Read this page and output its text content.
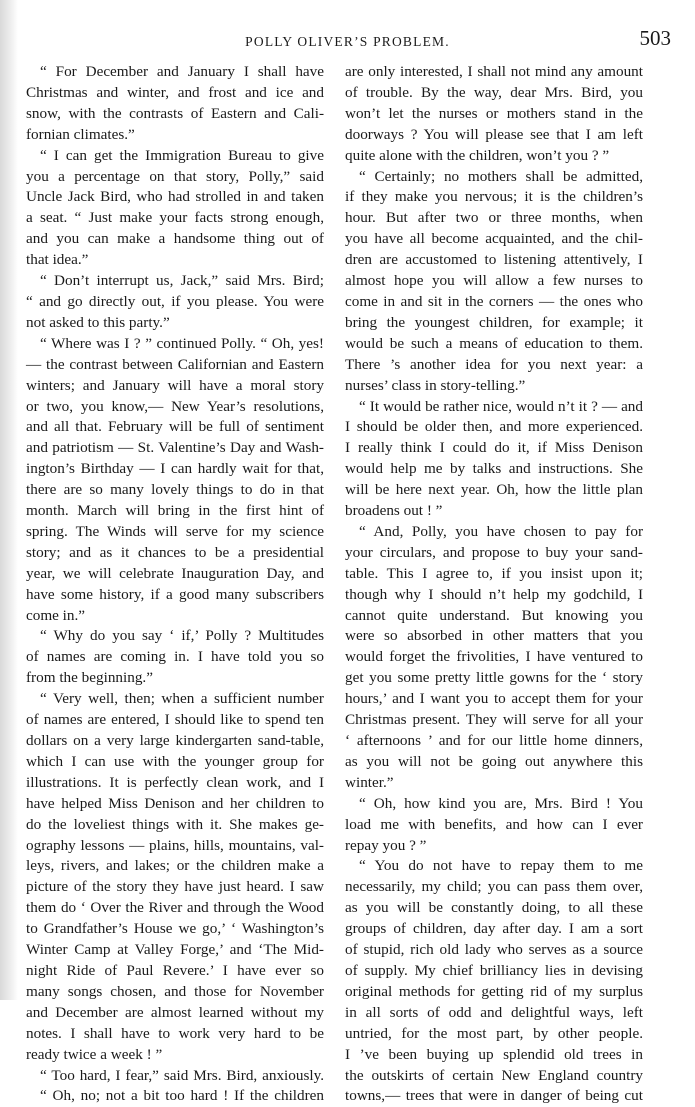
POLLY OLIVER’S PROBLEM.	503
“ For December and January I shall have
Christmas and winter, and frost and ice and
snow, with the contrasts of Eastern and Cali-
fornian climates.”
“ I can get the Immigration Bureau to give
you a percentage on that story, Polly,” said
Uncle Jack Bird, who had strolled in and taken
a seat. “ Just make your facts strong enough,
and you can make a handsome thing out of
that idea.”
“ Don’t interrupt us, Jack,” said Mrs. Bird;
“ and go directly out, if you please. You were
not asked to this party.”
“ Where was I ? ” continued Polly. “ Oh, yes!
— the contrast between Californian and Eastern
winters; and January will have a moral story
or two, you know,— New Year’s resolutions,
and all that. February will be full of sentiment
and patriotism — St. Valentine’s Day and Wash-
ington’s Birthday — I can hardly wait for that,
there are so many lovely things to do in that
month. March will bring in the first hint of
spring. The Winds will serve for my science
story; and as it chances to be a presidential
year, we will celebrate Inauguration Day, and
have some history, if a good many subscribers
come in.”
“ Why do you say ‘ if,’ Polly ? Multitudes
of names are coming in. I have told you so
from the beginning.”
“ Very well, then; when a sufficient number
of names are entered, I should like to spend ten
dollars on a very large kindergarten sand-table,
which I can use with the younger group for
illustrations. It is perfectly clean work, and I
have helped Miss Denison and her children to
do the loveliest things with it. She makes ge-
ography lessons — plains, hills, mountains, val-
leys, rivers, and lakes; or the children make a
picture of the story they have just heard. I saw
them do ‘ Over the River and through the Wood
to Grandfather’s House we go,’ ‘ Washington’s
Winter Camp at Valley Forge,’ and ‘The Mid-
night Ride of Paul Revere.’ I have ever so
many songs chosen, and those for November
and December are almost learned without my
notes. I shall have to work very hard to be
ready twice a week ! ”
“ Too hard, I fear,” said Mrs. Bird, anxiously.
“ Oh, no; not a bit too hard ! If the children
are only interested, I shall not mind any amount
of trouble. By the way, dear Mrs. Bird, you
won’t let the nurses or mothers stand in the
doorways ? You will please see that I am left
quite alone with the children, won’t you ? ”
“ Certainly; no mothers shall be admitted,
if they make you nervous; it is the children’s
hour. But after two or three months, when
you have all become acquainted, and the chil-
dren are accustomed to listening attentively, I
almost hope you will allow a few nurses to
come in and sit in the corners — the ones who
bring the youngest children, for example; it
would be such a means of education to them.
There ’s another idea for you next year: a
nurses’ class in story-telling.”
“ It would be rather nice, would n’t it ? — and
I should be older then, and more experienced.
I really think I could do it, if Miss Denison
would help me by talks and instructions. She
will be here next year. Oh, how the little plan
broadens out ! ”
“ And, Polly, you have chosen to pay for
your circulars, and propose to buy your sand-
table. This I agree to, if you insist upon it;
though why I should n’t help my godchild, I
cannot quite understand. But knowing you
were so absorbed in other matters that you
would forget the frivolities, I have ventured to
get you some pretty little gowns for the ‘ story
hours,’ and I want you to accept them for your
Christmas present. They will serve for all your
‘ afternoons ’ and for our little home dinners,
as you will not be going out anywhere this
winter.”
“ Oh, how kind you are, Mrs. Bird ! You
load me with benefits, and how can I ever
repay you ? ”
“ You do not have to repay them to me
necessarily, my child; you can pass them over,
as you will be constantly doing, to all these
groups of children, day after day. I am a sort
of stupid, rich old lady who serves as a source
of supply. My chief brilliancy lies in devising
original methods for getting rid of my surplus
in all sorts of odd and delightful ways, left
untried, for the most part, by other people.
I ’ve been buying up splendid old trees in
the outskirts of certain New England country
towns,— trees that were in danger of being cut
